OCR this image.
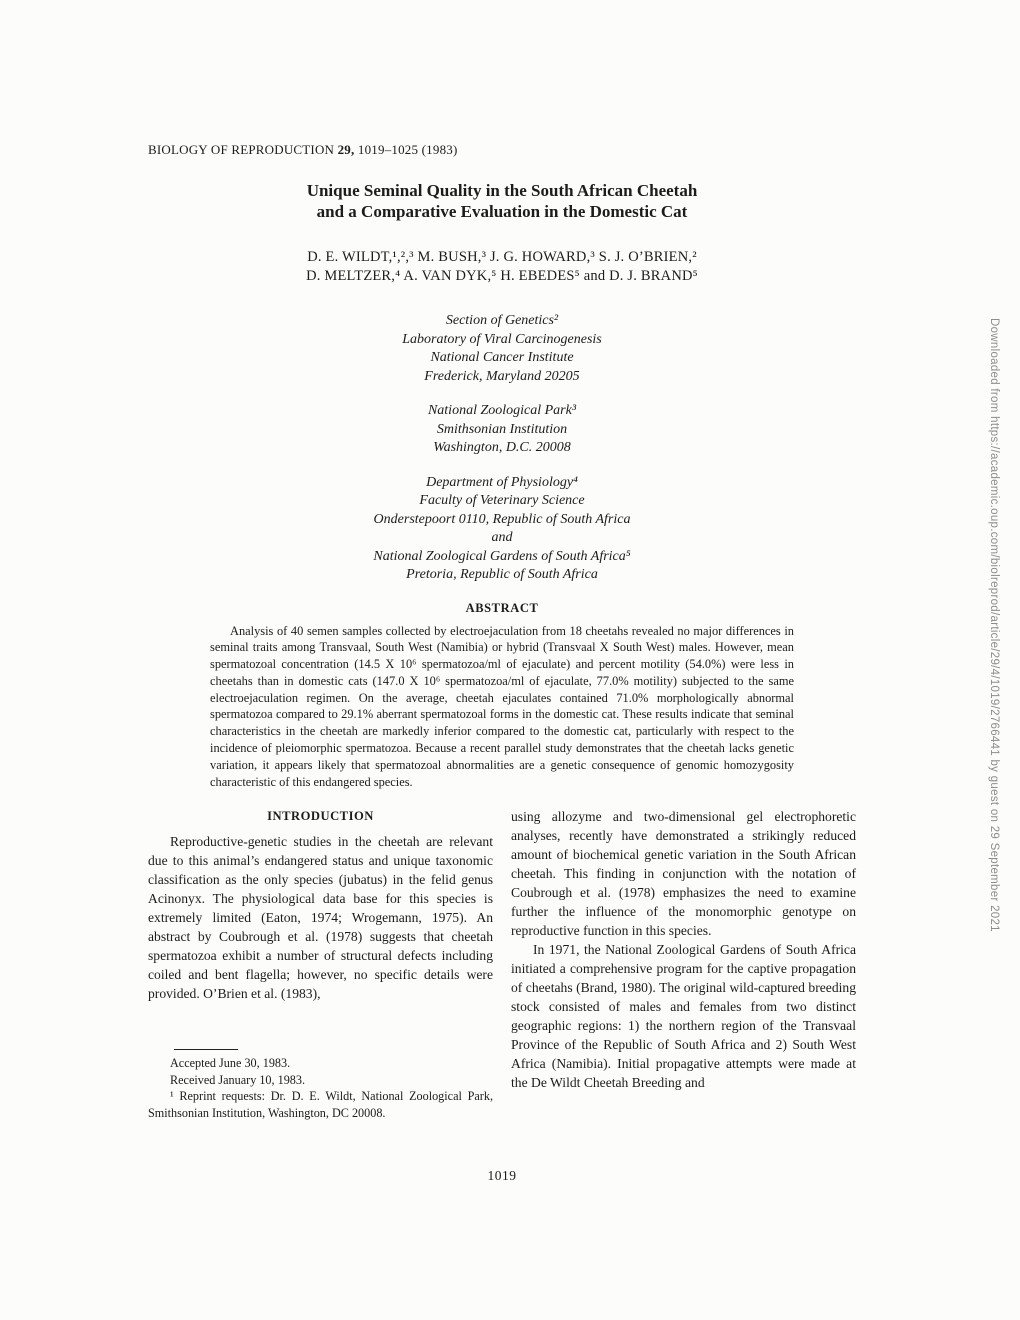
BIOLOGY OF REPRODUCTION 29, 1019–1025 (1983)
Unique Seminal Quality in the South African Cheetah
and a Comparative Evaluation in the Domestic Cat
D. E. WILDT,¹,²,³ M. BUSH,³ J. G. HOWARD,³ S. J. O’BRIEN,²
D. MELTZER,⁴ A. VAN DYK,⁵ H. EBEDES⁵ and D. J. BRAND⁵
Section of Genetics²
Laboratory of Viral Carcinogenesis
National Cancer Institute
Frederick, Maryland 20205
National Zoological Park³
Smithsonian Institution
Washington, D.C. 20008
Department of Physiology⁴
Faculty of Veterinary Science
Onderstepoort 0110, Republic of South Africa
and
National Zoological Gardens of South Africa⁵
Pretoria, Republic of South Africa
ABSTRACT
Analysis of 40 semen samples collected by electroejaculation from 18 cheetahs revealed no major differences in seminal traits among Transvaal, South West (Namibia) or hybrid (Transvaal X South West) males. However, mean spermatozoal concentration (14.5 X 10⁶ spermatozoa/ml of ejaculate) and percent motility (54.0%) were less in cheetahs than in domestic cats (147.0 X 10⁶ spermatozoa/ml of ejaculate, 77.0% motility) subjected to the same electroejaculation regimen. On the average, cheetah ejaculates contained 71.0% morphologically abnormal spermatozoa compared to 29.1% aberrant spermatozoal forms in the domestic cat. These results indicate that seminal characteristics in the cheetah are markedly inferior compared to the domestic cat, particularly with respect to the incidence of pleiomorphic spermatozoa. Because a recent parallel study demonstrates that the cheetah lacks genetic variation, it appears likely that spermatozoal abnormalities are a genetic consequence of genomic homozygosity characteristic of this endangered species.
INTRODUCTION

Reproductive-genetic studies in the cheetah are relevant due to this animal’s endangered status and unique taxonomic classification as the only species (jubatus) in the felid genus Acinonyx. The physiological data base for this species is extremely limited (Eaton, 1974; Wrogemann, 1975). An abstract by Coubrough et al. (1978) suggests that cheetah spermatozoa exhibit a number of structural defects including coiled and bent flagella; however, no specific details were provided. O’Brien et al. (1983),

Accepted June 30, 1983.
Received January 10, 1983.
¹ Reprint requests: Dr. D. E. Wildt, National Zoological Park, Smithsonian Institution, Washington, DC 20008.

using allozyme and two-dimensional gel electrophoretic analyses, recently have demonstrated a strikingly reduced amount of biochemical genetic variation in the South African cheetah. This finding in conjunction with the notation of Coubrough et al. (1978) emphasizes the need to examine further the influence of the monomorphic genotype on reproductive function in this species.

In 1971, the National Zoological Gardens of South Africa initiated a comprehensive program for the captive propagation of cheetahs (Brand, 1980). The original wild-captured breeding stock consisted of males and females from two distinct geographic regions: 1) the northern region of the Transvaal Province of the Republic of South Africa and 2) South West Africa (Namibia). Initial propagative attempts were made at the De Wildt Cheetah Breeding and

1019
Downloaded from https://academic.oup.com/biolreprod/article/29/4/1019/2766441 by guest on 29 September 2021
